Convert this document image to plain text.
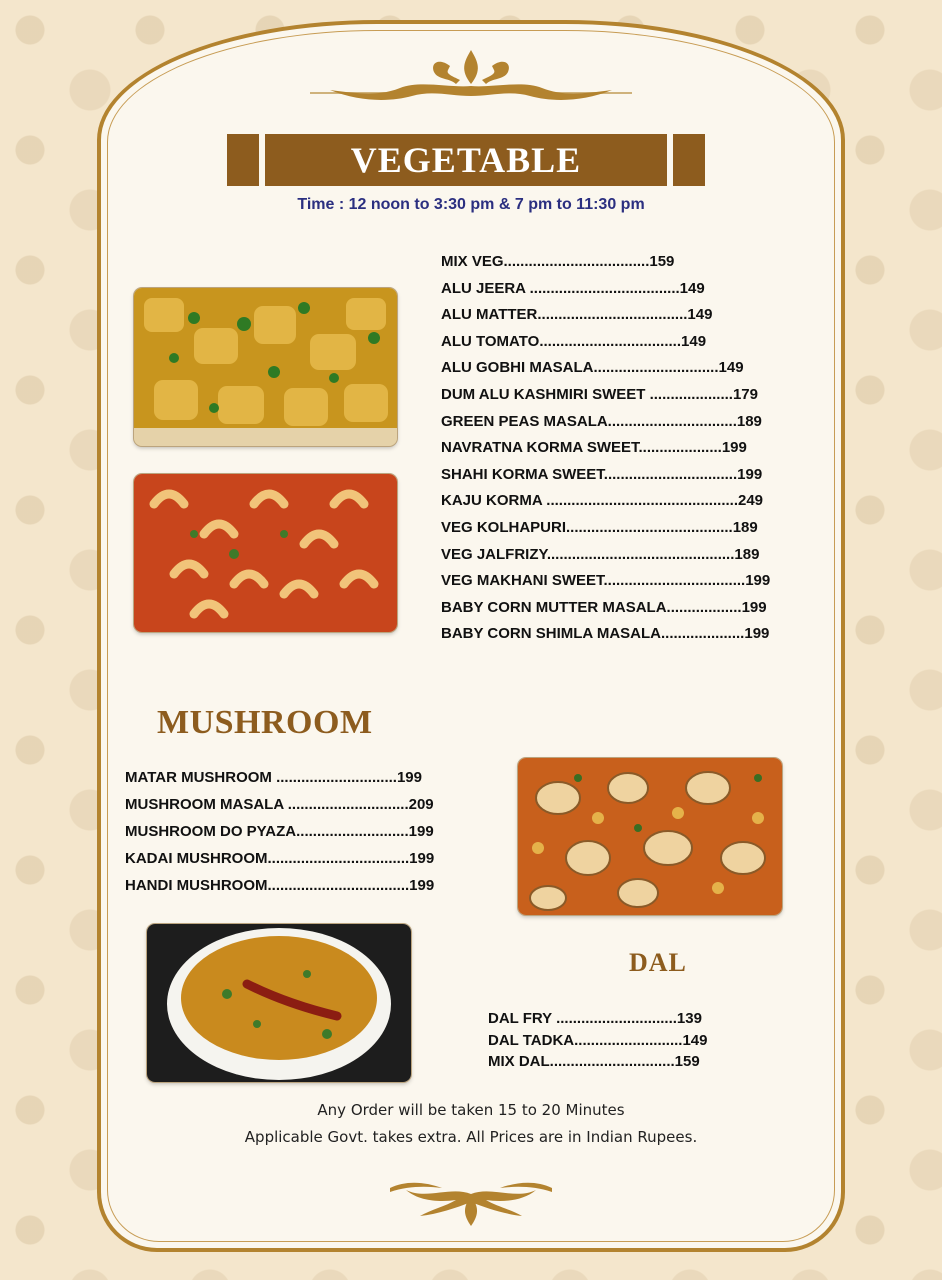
VEGETABLE
Time : 12 noon to 3:30 pm & 7 pm to 11:30 pm
MIX VEG...................................159
ALU JEERA ....................................149
ALU MATTER....................................149
ALU TOMATO..................................149
ALU GOBHI MASALA..............................149
DUM ALU KASHMIRI SWEET ....................179
GREEN PEAS MASALA...............................189
NAVRATNA KORMA SWEET....................199
SHAHI KORMA SWEET................................199
KAJU KORMA ..............................................249
VEG KOLHAPURI........................................189
VEG JALFRIZY.............................................189
VEG MAKHANI SWEET..................................199
BABY CORN MUTTER MASALA..................199
BABY CORN SHIMLA MASALA....................199
MUSHROOM
MATAR MUSHROOM .............................199
MUSHROOM MASALA .............................209
MUSHROOM DO PYAZA...........................199
KADAI MUSHROOM..................................199
HANDI MUSHROOM..................................199
DAL
DAL FRY .............................139
DAL TADKA..........................149
MIX DAL..............................159
Any Order will be taken 15 to 20 Minutes
Applicable Govt. takes extra. All Prices are in Indian Rupees.
